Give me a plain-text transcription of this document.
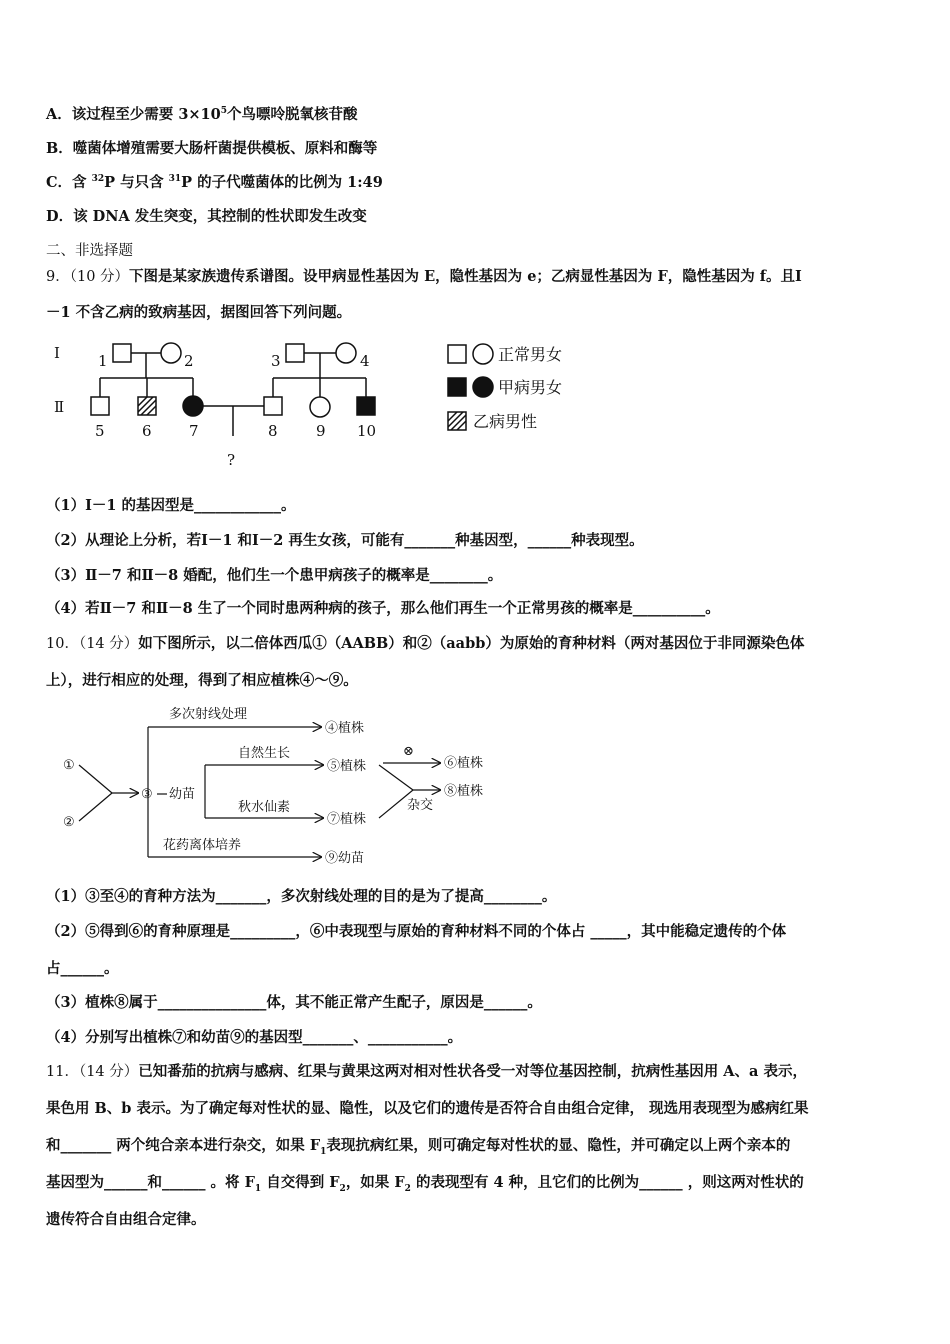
A．该过程至少需要 $3\times 10^5$个鸟嘌呤脱氧核苷酸
B．噬菌体增殖需要大肠杆菌提供模板、原料和酶等
C．含 $^{32}$P 与只含 $^{31}$P 的子代噬菌体的比例为 1:49
D．该 DNA 发生突变，其控制的性状即发生改变
二、非选择题
9．（10 分）下图是某家族遗传系谱图。设甲病显性基因为 E，隐性基因为 e；乙病显性基因为 F，隐性基因为 f。且Ⅰ
－1 不含乙病的致病基因，据图回答下列问题。
Ⅰ
Ⅱ
1	2	3	4
5 6 7	8	9 10
?
正常男女
甲病男女
乙病男性
（1）Ⅰ－1 的基因型是____________。
（2）从理论上分析，若Ⅰ－1 和Ⅰ－2 再生女孩，可能有_______种基因型，______种表现型。
（3）Ⅱ－7 和Ⅱ－8 婚配，他们生一个患甲病孩子的概率是________。
（4）若Ⅱ－7 和Ⅱ－8 生了一个同时患两种病的孩子，那么他们再生一个正常男孩的概率是__________。
10．（14 分）如下图所示，以二倍体西瓜①（AABB）和②（aabb）为原始的育种材料（两对基因位于非同源染色体
上），进行相应的处理，得到了相应植株④～⑨。
①
②
③ 幼苗
多次射线处理
自然生长
秋水仙素
花药离体培养
⊗
杂交
④植株
⑤植株	⑥植株
⑦植株
⑧植株
⑨幼苗
（1）③至④的育种方法为_______，多次射线处理的目的是为了提高________。
（2）⑤得到⑥的育种原理是_________，⑥中表现型与原始的育种材料不同的个体占 _____，其中能稳定遗传的个体
占______。
（3）植株⑧属于_______________体，其不能正常产生配子，原因是______。
（4）分别写出植株⑦和幼苗⑨的基因型_______、___________。
11．（14 分）已知番茄的抗病与感病、红果与黄果这两对相对性状各受一对等位基因控制，抗病性基因用 A、a 表示，
果色用 B、b 表示。为了确定每对性状的显、隐性，以及它们的遗传是否符合自由组合定律， 现选用表现型为感病红果
和_______ 两个纯合亲本进行杂交，如果 $F_1$表现抗病红果，则可确定每对性状的显、隐性，并可确定以上两个亲本的
基因型为______和______ 。将 $F_1$ 自交得到 $F_2$，如果 $F_2$ 的表现型有 4 种，且它们的比例为______ ，则这两对性状的
遗传符合自由组合定律。
